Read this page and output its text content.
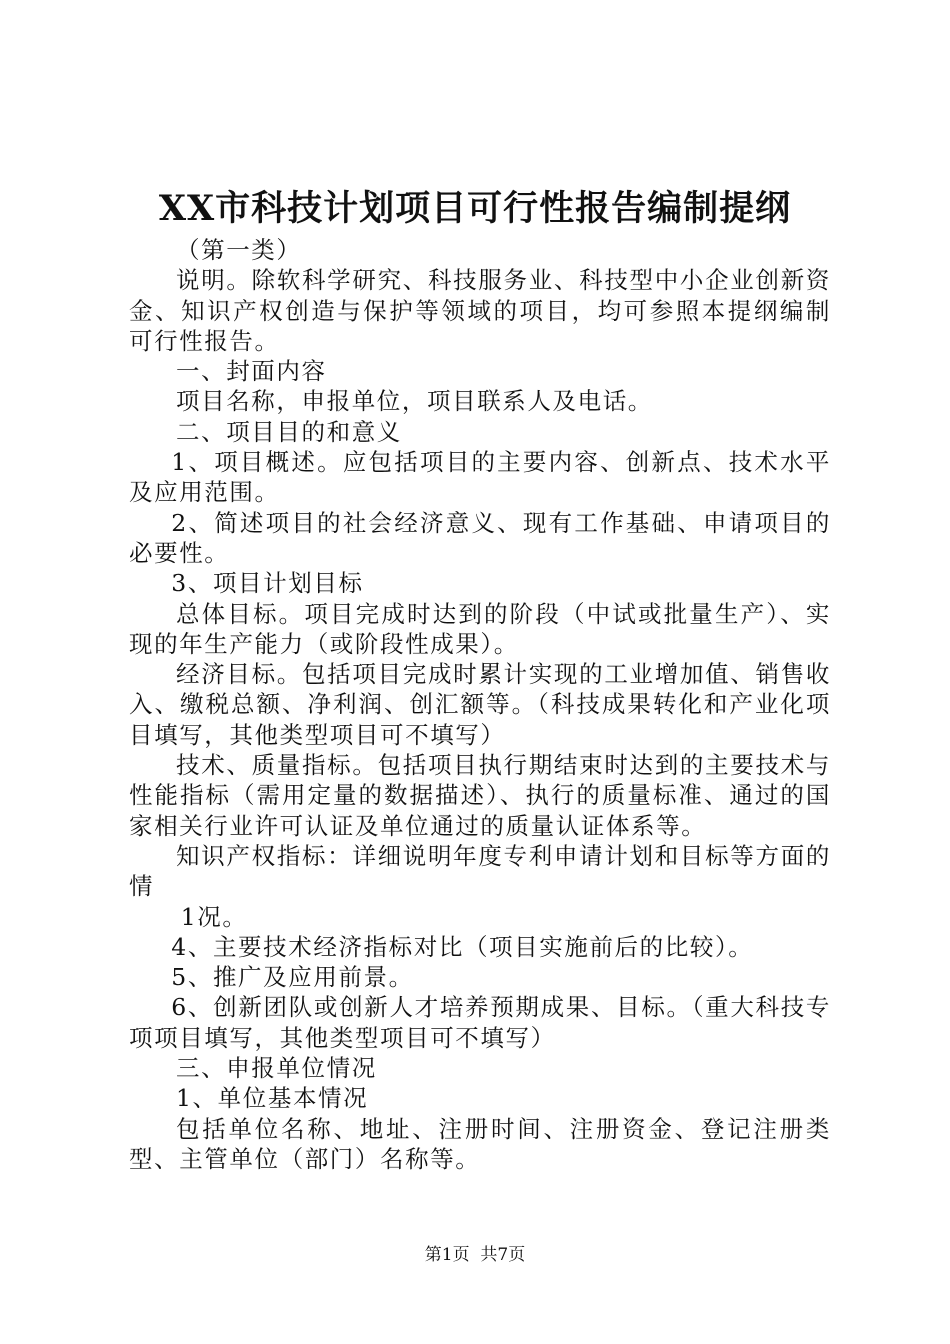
XX市科技计划项目可行性报告编制提纲

（第一类）

说明。除软科学研究、科技服务业、科技型中小企业创新资金、知识产权创造与保护等领域的项目，均可参照本提纲编制可行性报告。

一、封面内容

项目名称，申报单位，项目联系人及电话。

二、项目目的和意义

1、项目概述。应包括项目的主要内容、创新点、技术水平及应用范围。

2、简述项目的社会经济意义、现有工作基础、申请项目的必要性。

3、项目计划目标

总体目标。项目完成时达到的阶段（中试或批量生产）、实现的年生产能力（或阶段性成果）。

经济目标。包括项目完成时累计实现的工业增加值、销售收入、缴税总额、净利润、创汇额等。（科技成果转化和产业化项目填写，其他类型项目可不填写）

技术、质量指标。包括项目执行期结束时达到的主要技术与性能指标（需用定量的数据描述）、执行的质量标准、通过的国家相关行业许可认证及单位通过的质量认证体系等。

知识产权指标：详细说明年度专利申请计划和目标等方面的情

1况。

4、主要技术经济指标对比（项目实施前后的比较）。

5、推广及应用前景。

6、创新团队或创新人才培养预期成果、目标。（重大科技专项项目填写，其他类型项目可不填写）

三、申报单位情况

1、单位基本情况

包括单位名称、地址、注册时间、注册资金、登记注册类型、主管单位（部门）名称等。

第1页  共7页
